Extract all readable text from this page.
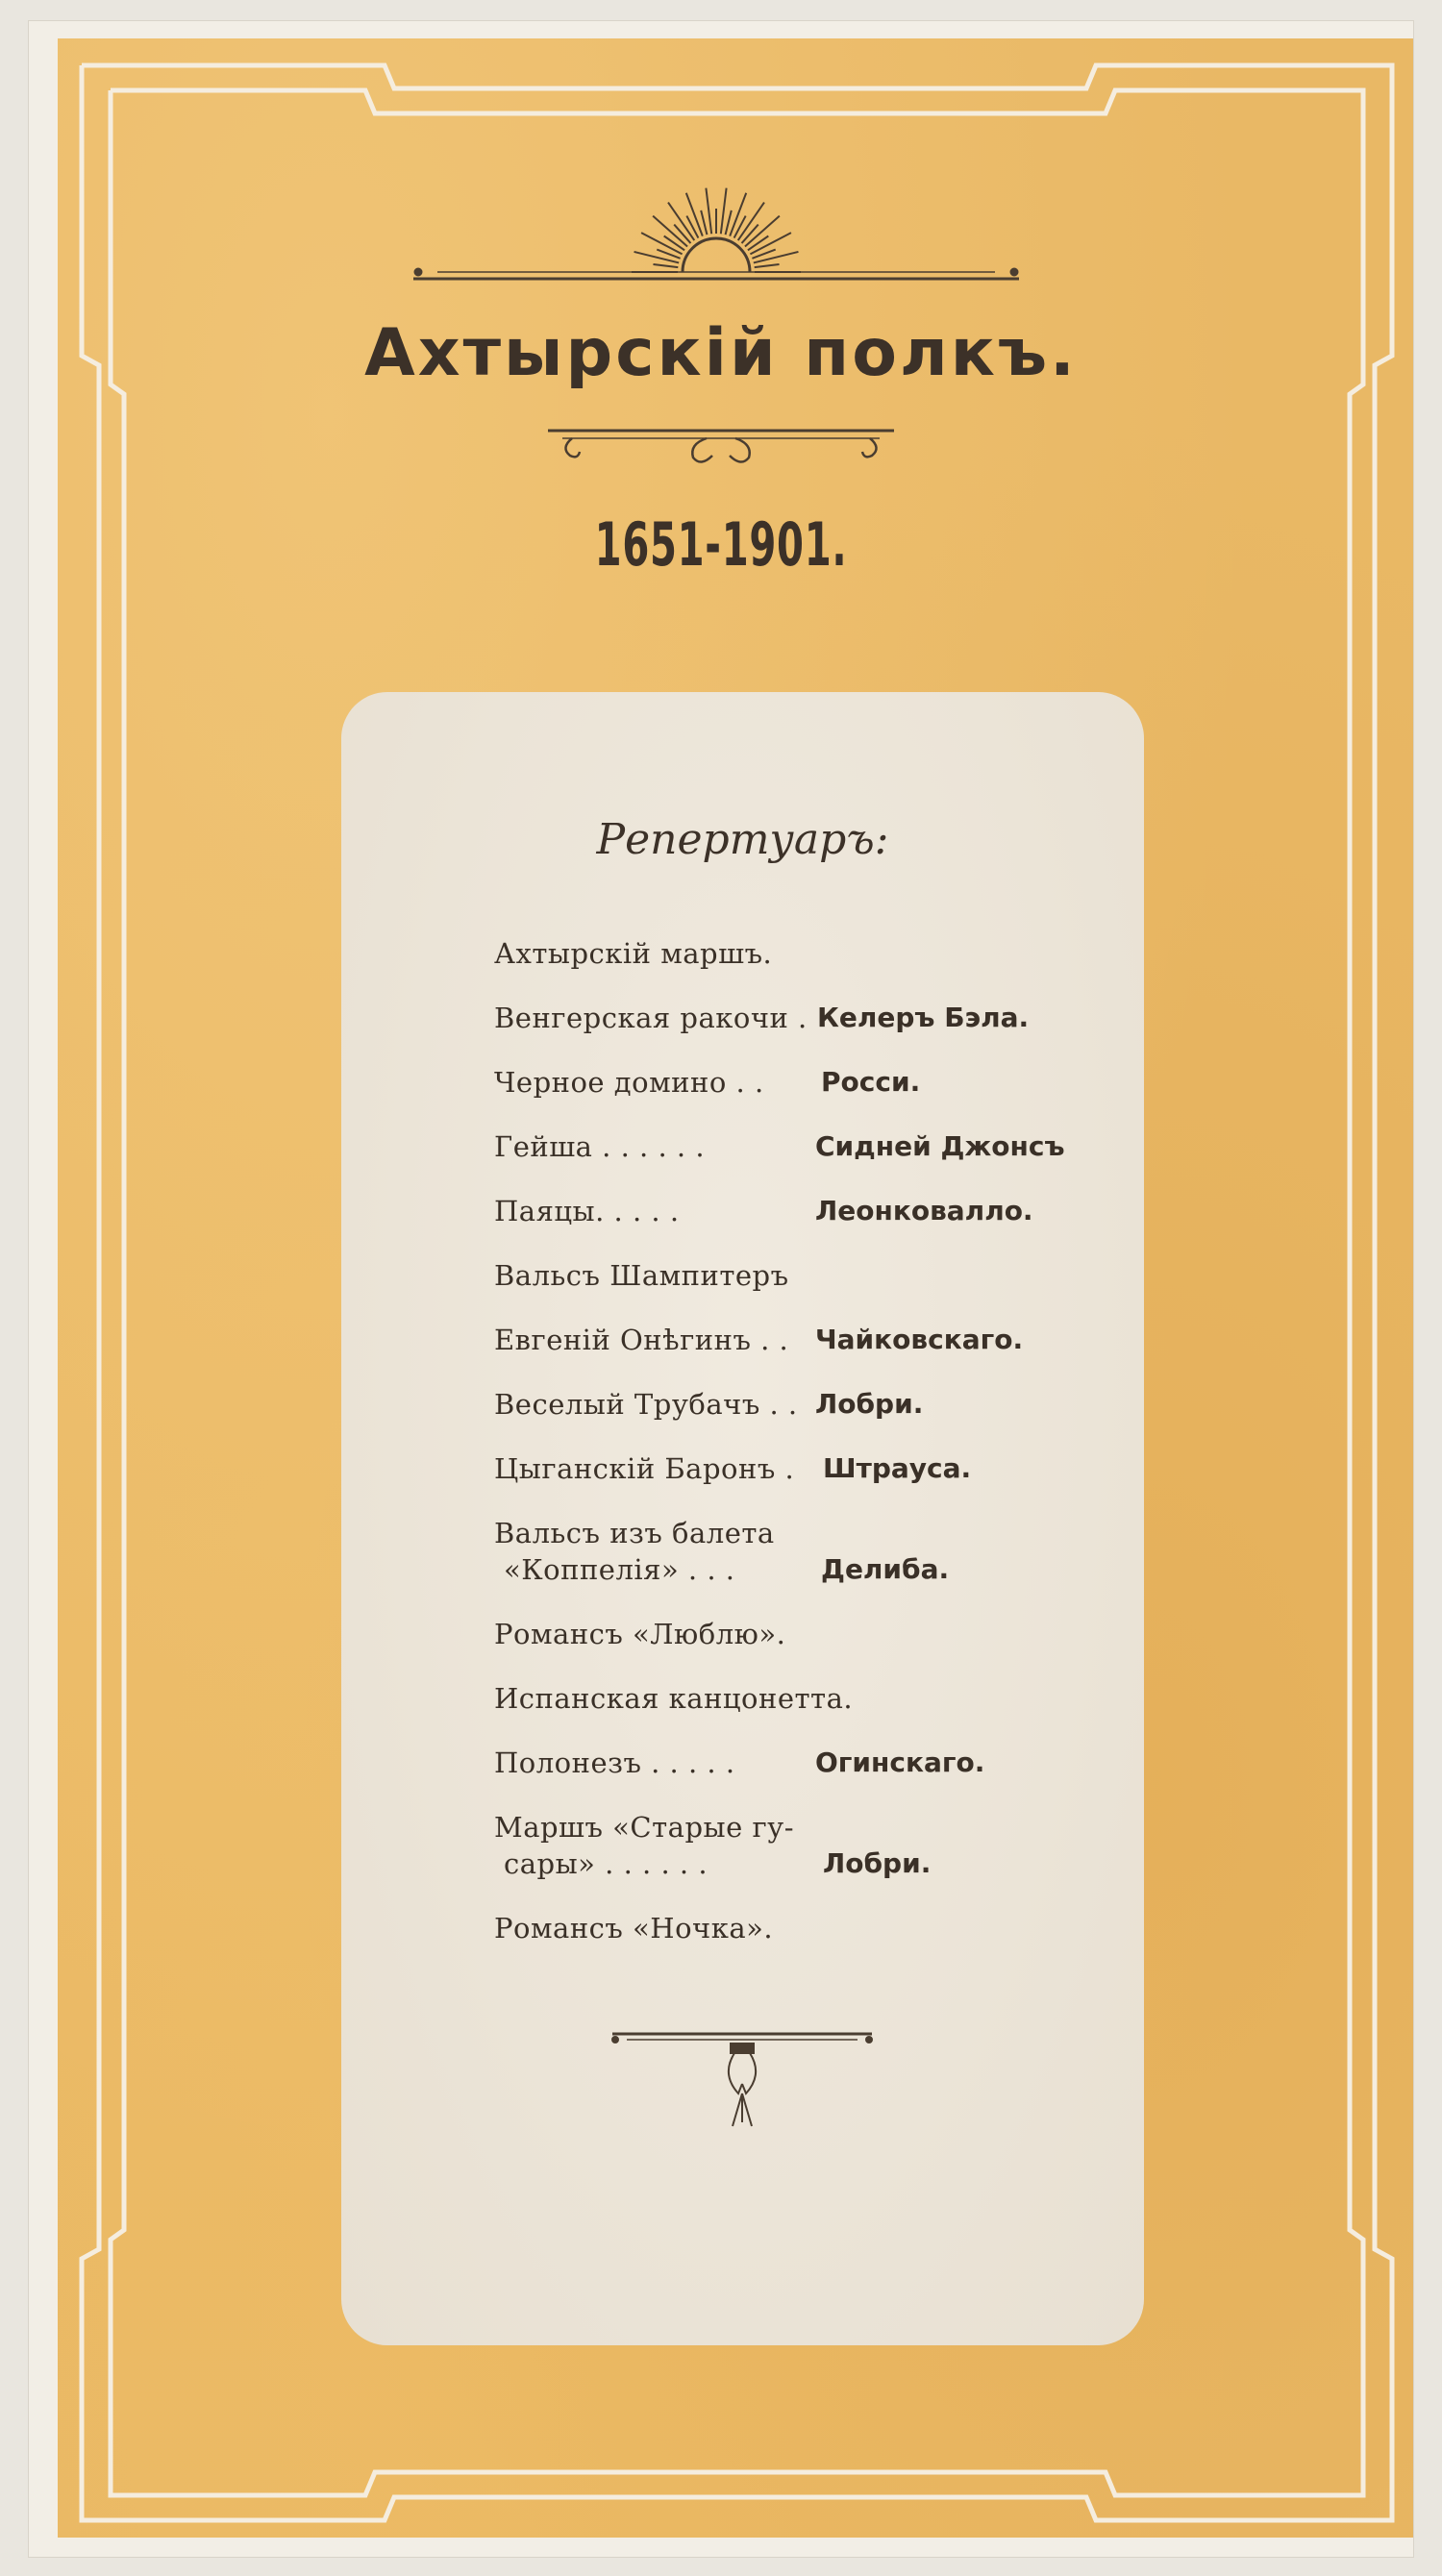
Ахтырскій полкъ.
1651-1901.
Репертуаръ:
Ахтырскій маршъ.
Венгерская ракочи . Келеръ Бэла.
Черное домино . . Росси.
Гейша . . . . . .	Сидней Джонсъ
Паяцы. . . . .	Леонковалло.
Вальсъ Шампитеръ
Евгеній Онѣгинъ . . Чайковскаго.
Веселый Трубачъ . . Лобри.
Цыганскій Баронъ . Штрауса.
Вальсъ изъ балета
«Коппелія» . . .	Делиба.
Романсъ «Люблю».
Испанская канцонетта.
Полонезъ . . . . .	Огинскаго.
Маршъ «Старые гу-
сары» . . . . . .	Лобри.
Романсъ «Ночка».
